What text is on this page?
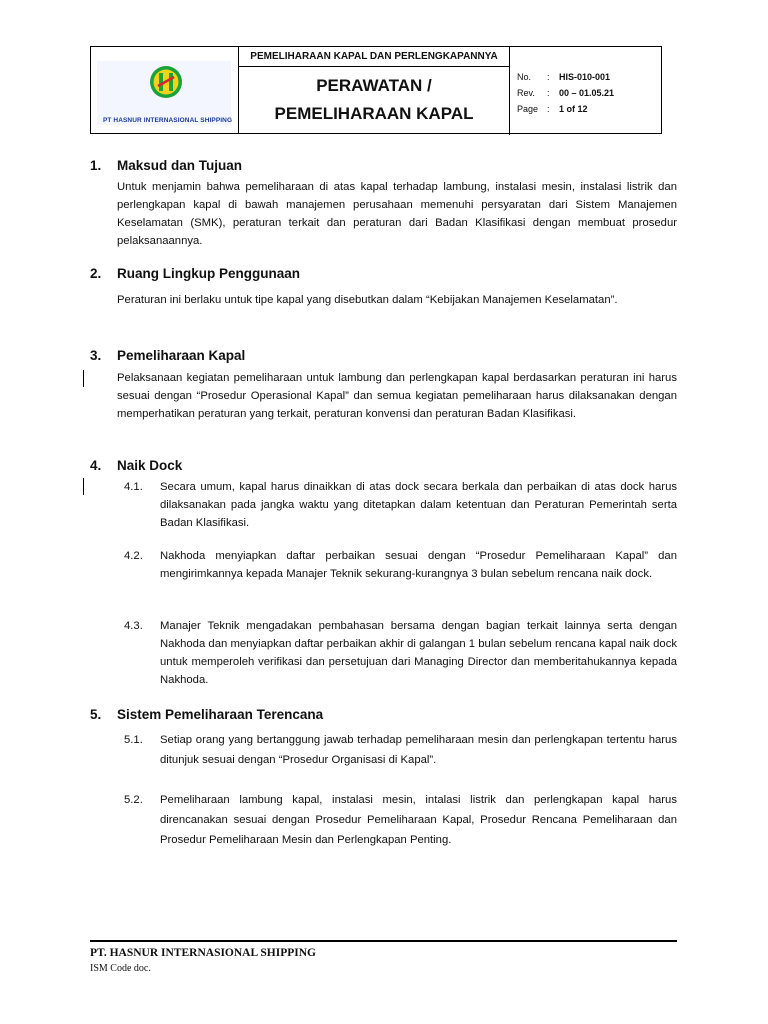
PT HASNUR INTERNASIONAL SHIPPING
PEMELIHARAAN KAPAL DAN PERLENGKAPANNYA
PERAWATAN /
PEMELIHARAAN KAPAL
No.	:	HIS-010-001
Rev.	:	00 – 01.05.21
Page :	1 of 12
1. Maksud dan Tujuan
Untuk menjamin bahwa pemeliharaan di atas kapal terhadap lambung, instalasi mesin, instalasi listrik dan perlengkapan kapal di bawah manajemen perusahaan memenuhi persyaratan dari Sistem Manajemen Keselamatan (SMK), peraturan terkait dan peraturan dari Badan Klasifikasi dengan membuat prosedur pelaksanaannya.
2. Ruang Lingkup Penggunaan
Peraturan ini berlaku untuk tipe kapal yang disebutkan dalam “Kebijakan Manajemen Keselamatan”.
3. Pemeliharaan Kapal
Pelaksanaan kegiatan pemeliharaan untuk lambung dan perlengkapan kapal berdasarkan peraturan ini harus sesuai dengan “Prosedur Operasional Kapal” dan semua kegiatan pemeliharaan harus dilaksanakan dengan memperhatikan peraturan yang terkait, peraturan konvensi dan peraturan Badan Klasifikasi.
4. Naik Dock
4.1.	Secara umum, kapal harus dinaikkan di atas dock secara berkala dan perbaikan di atas dock harus dilaksanakan pada jangka waktu yang ditetapkan dalam ketentuan dan Peraturan Pemerintah serta Badan Klasifikasi.
4.2.	Nakhoda menyiapkan daftar perbaikan sesuai dengan “Prosedur Pemeliharaan Kapal” dan mengirimkannya kepada Manajer Teknik sekurang-kurangnya 3 bulan sebelum rencana naik dock.
4.3.	Manajer Teknik mengadakan pembahasan bersama dengan bagian terkait lainnya serta dengan Nakhoda dan menyiapkan daftar perbaikan akhir di galangan 1 bulan sebelum rencana kapal naik dock untuk memperoleh verifikasi dan persetujuan dari Managing Director dan memberitahukannya kepada Nakhoda.
5. Sistem Pemeliharaan Terencana
5.1.	Setiap orang yang bertanggung jawab terhadap pemeliharaan mesin dan perlengkapan tertentu harus ditunjuk sesuai dengan “Prosedur Organisasi di Kapal”.
5.2.	Pemeliharaan lambung kapal, instalasi mesin, intalasi listrik dan perlengkapan kapal harus direncanakan sesuai dengan Prosedur Pemeliharaan Kapal, Prosedur Rencana Pemeliharaan dan Prosedur Pemeliharaan Mesin dan Perlengkapan Penting.
PT. HASNUR INTERNASIONAL SHIPPING
ISM Code doc.
